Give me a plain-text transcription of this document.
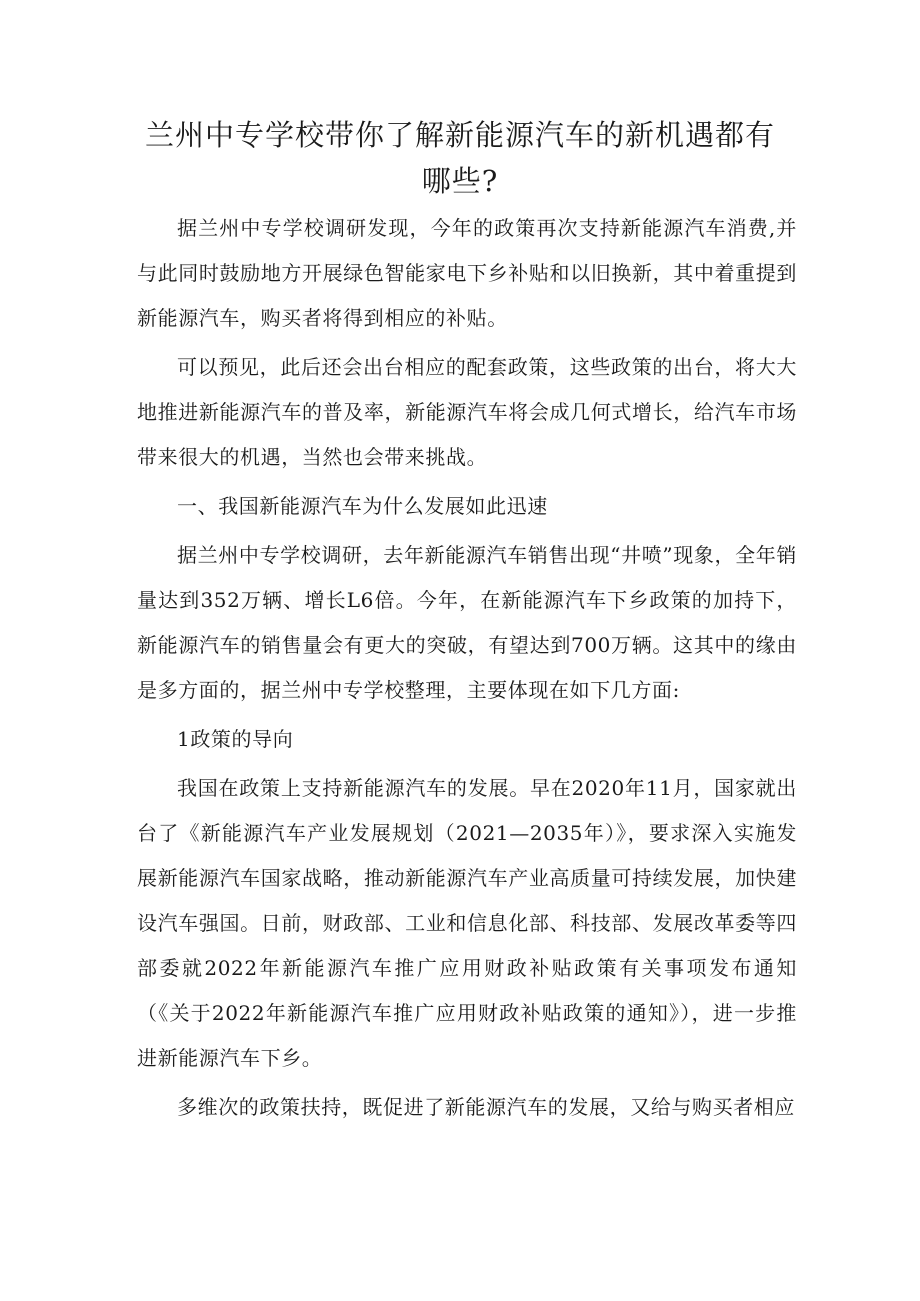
兰州中专学校带你了解新能源汽车的新机遇都有哪些?

据兰州中专学校调研发现，今年的政策再次支持新能源汽车消费,并与此同时鼓励地方开展绿色智能家电下乡补贴和以旧换新，其中着重提到新能源汽车，购买者将得到相应的补贴。

可以预见，此后还会出台相应的配套政策，这些政策的出台，将大大地推进新能源汽车的普及率，新能源汽车将会成几何式增长，给汽车市场带来很大的机遇，当然也会带来挑战。

一、我国新能源汽车为什么发展如此迅速

据兰州中专学校调研，去年新能源汽车销售出现“井喷”现象，全年销量达到352万辆、增长L6倍。今年，在新能源汽车下乡政策的加持下，新能源汽车的销售量会有更大的突破，有望达到700万辆。这其中的缘由是多方面的，据兰州中专学校整理，主要体现在如下几方面:

1政策的导向

我国在政策上支持新能源汽车的发展。早在2020年11月，国家就出台了《新能源汽车产业发展规划（2021—2035年）》，要求深入实施发展新能源汽车国家战略，推动新能源汽车产业高质量可持续发展，加快建设汽车强国。日前，财政部、工业和信息化部、科技部、发展改革委等四部委就2022年新能源汽车推广应用财政补贴政策有关事项发布通知（《关于2022年新能源汽车推广应用财政补贴政策的通知》），进一步推进新能源汽车下乡。

多维次的政策扶持，既促进了新能源汽车的发展，又给与购买者相应
